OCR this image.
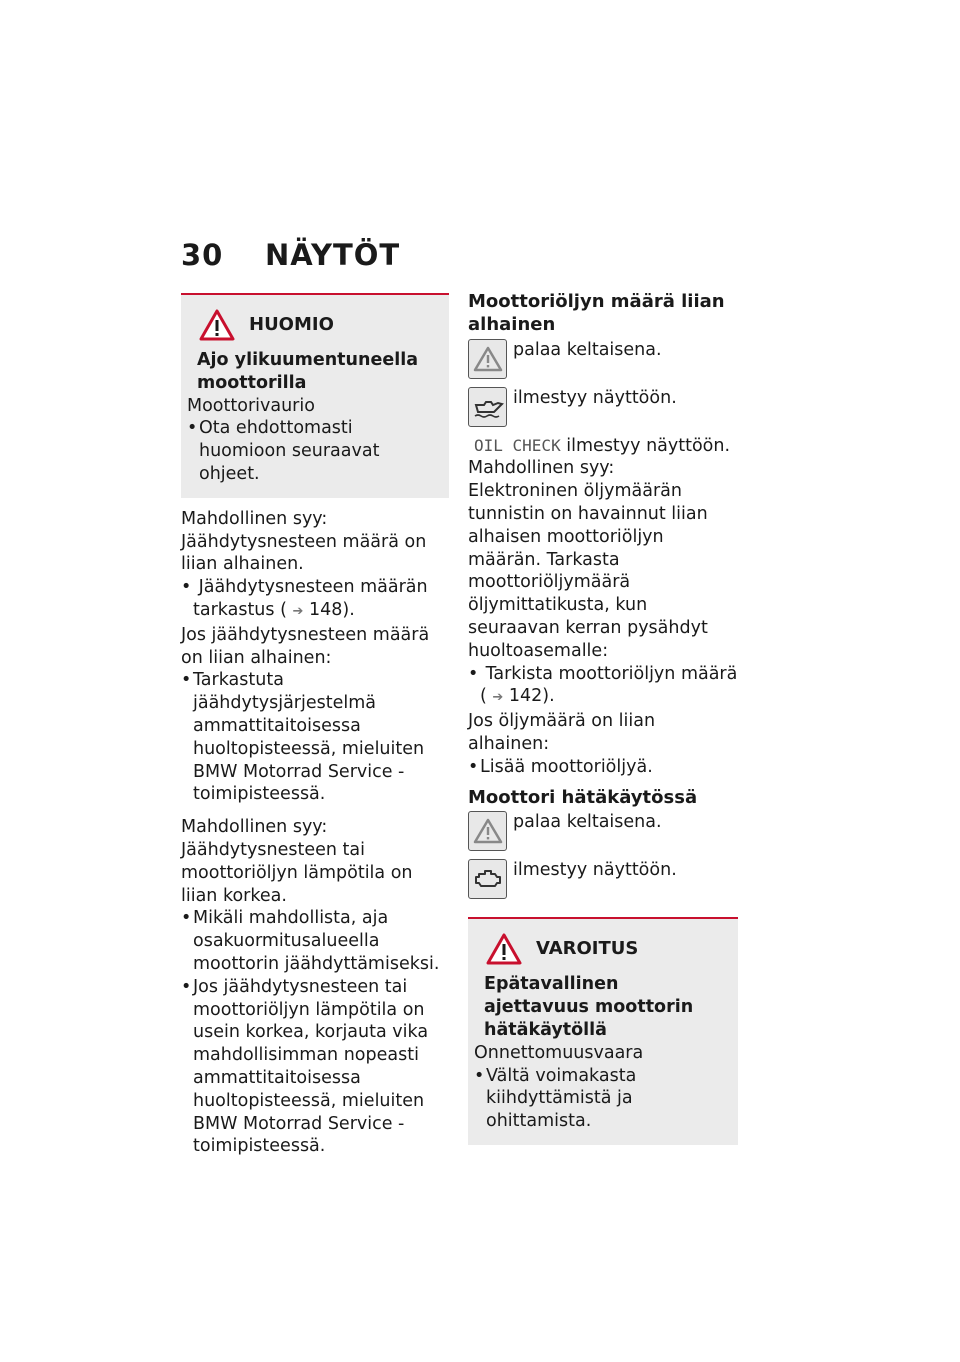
30 NÄYTÖT
HUOMIO

Ajo ylikuumentuneella moottorilla

Moottorivaurio

• Ota ehdottomasti huomioon seuraavat ohjeet.

Mahdollinen syy:

Jäähdytysnesteen määrä on liian alhainen.

• Jäähdytysnesteen määrän tarkastus ( ➔ 148).

Jos jäähdytysnesteen määrä on liian alhainen:

• Tarkastuta jäähdytysjärjestelmä ammattitaitoisessa huoltopisteessä, mieluiten BMW Motorrad Service -toimipisteessä.

Mahdollinen syy:

Jäähdytysnesteen tai moottoriöljyn lämpötila on liian korkea.

• Mikäli mahdollista, aja osakuormitusalueella moottorin jäähdyttämiseksi.

• Jos jäähdytysnesteen tai moottoriöljyn lämpötila on usein korkea, korjauta vika mahdollisimman nopeasti ammattitaitoisessa huoltopisteessä, mieluiten BMW Motorrad Service -toimipisteessä.

Moottoriöljyn määrä liian alhainen

palaa keltaisena.
ilmestyy näyttöön.

OIL CHECK ilmestyy näyttöön.

Mahdollinen syy:

Elektroninen öljymäärän tunnistin on havainnut liian alhaisen moottoriöljyn määrän. Tarkasta moottoriöljymäärä öljymittatikusta, kun seuraavan kerran pysähdyt huoltoasemalle:

• Tarkista moottoriöljyn määrä ( ➔ 142).

Jos öljymäärä on liian alhainen:

• Lisää moottoriöljyä.

Moottori hätäkäytössä

palaa keltaisena.
ilmestyy näyttöön.
VAROITUS

Epätavallinen ajettavuus moottorin hätäkäytöllä

Onnettomuusvaara

• Vältä voimakasta kiihdyttämistä ja ohittamista.
